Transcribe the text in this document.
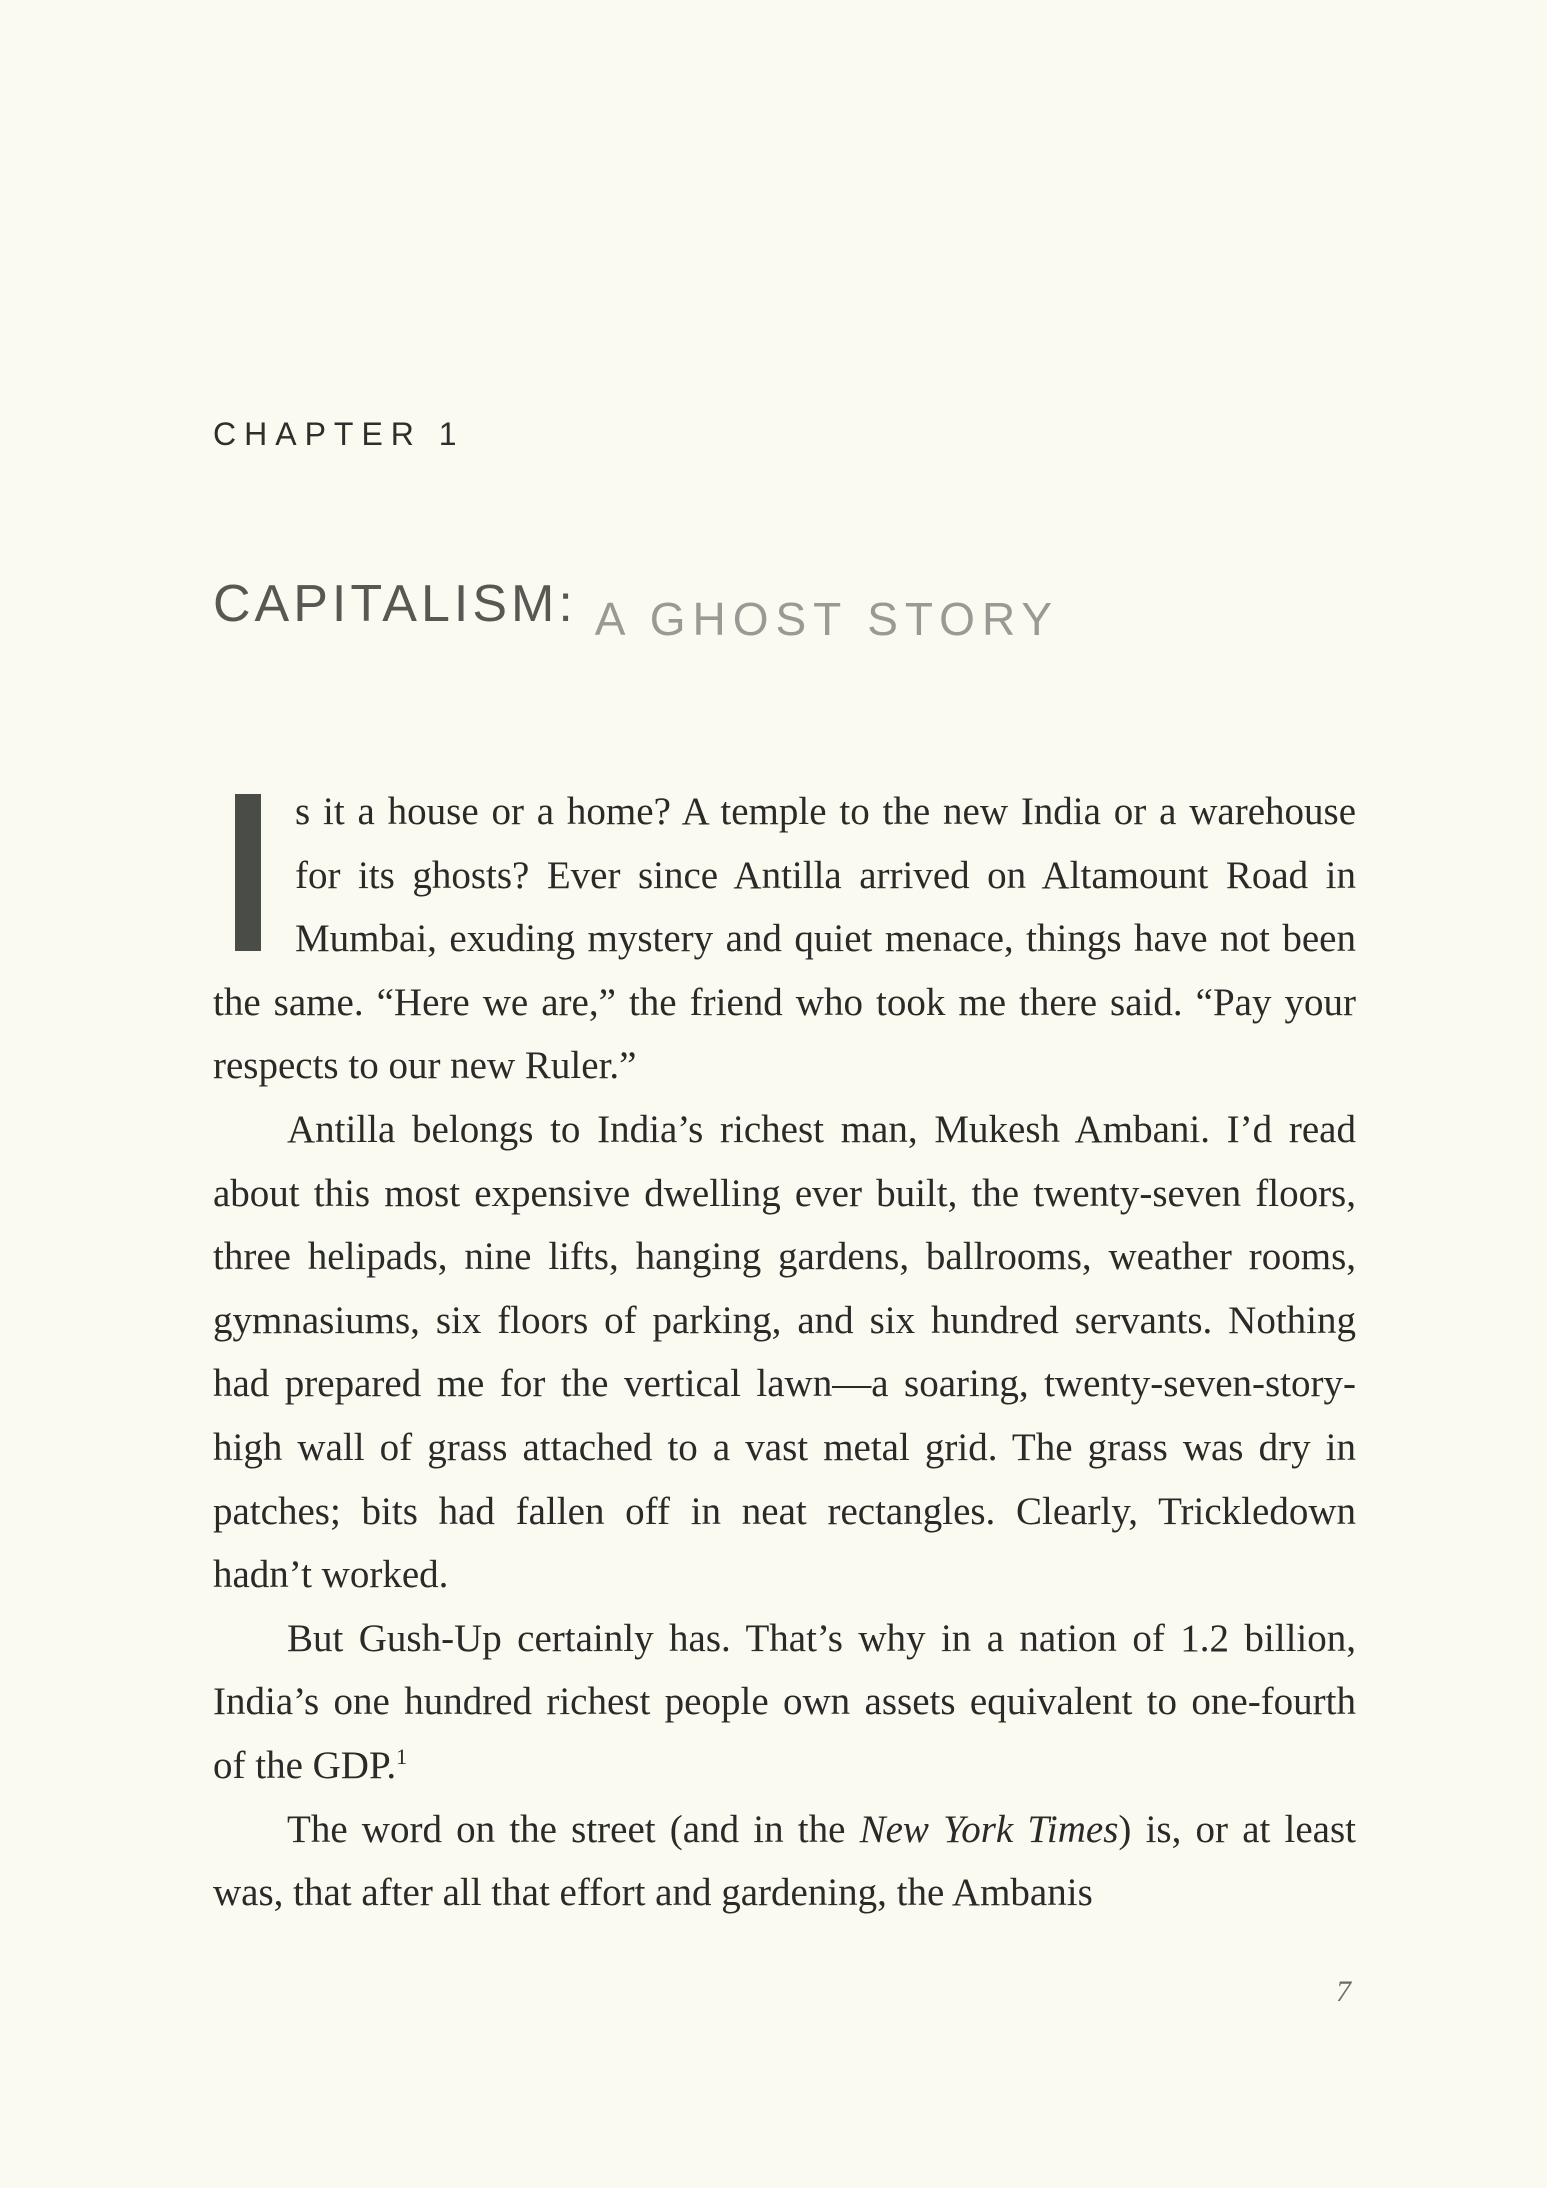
CHAPTER 1
CAPITALISM: A GHOST STORY

s it a house or a home? A temple to the new India or a warehouse for its ghosts? Ever since Antilla arrived on Altamount Road in Mumbai, exuding mystery and quiet menace, things have not been the same. “Here we are,” the friend who took me there said. “Pay your respects to our new Ruler.”

Antilla belongs to India’s richest man, Mukesh Ambani. I’d read about this most expensive dwelling ever built, the twenty-seven floors, three helipads, nine lifts, hanging gardens, ballrooms, weather rooms, gymnasiums, six floors of parking, and six hundred servants. Nothing had prepared me for the vertical lawn—a soaring, twenty-seven-story-high wall of grass attached to a vast metal grid. The grass was dry in patches; bits had fallen off in neat rectangles. Clearly, Trickledown hadn’t worked.

But Gush-Up certainly has. That’s why in a nation of 1.2 billion, India’s one hundred richest people own assets equivalent to one-fourth of the GDP.$^1$

The word on the street (and in the New York Times) is, or at least was, that after all that effort and gardening, the Ambanis

7
